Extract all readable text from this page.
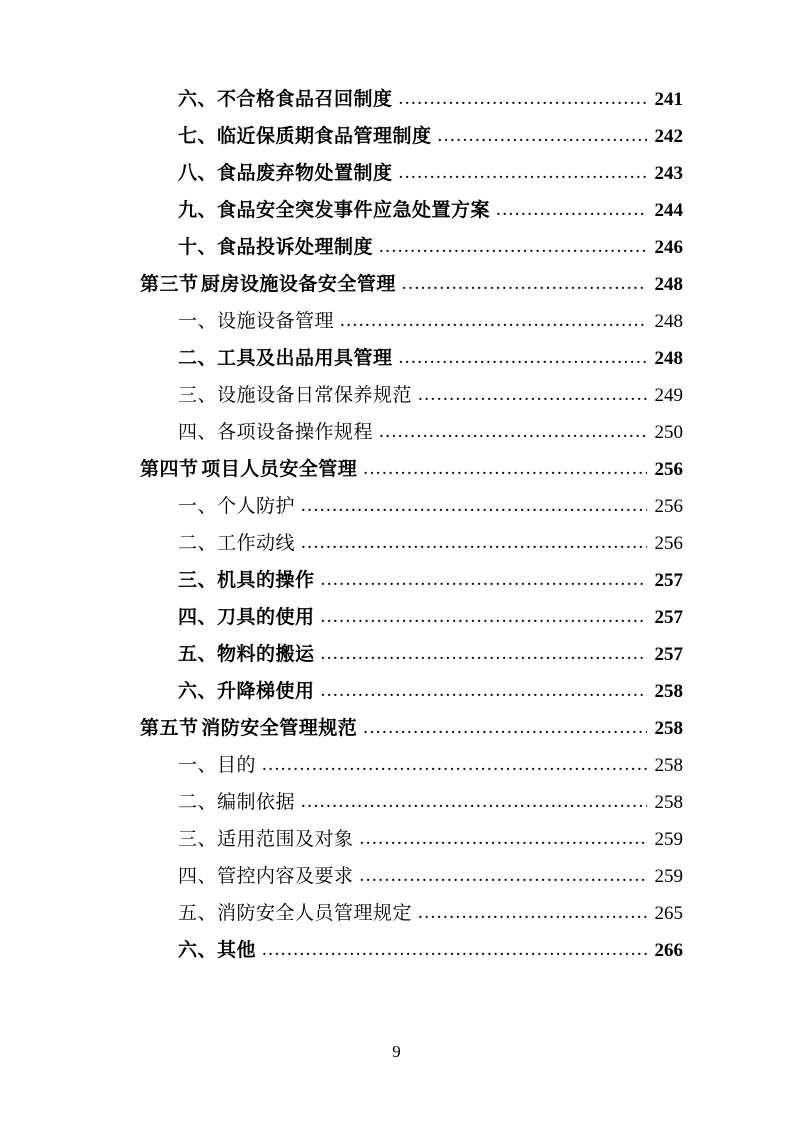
六、 不合格食品召回制度 .....	241
七、 临近保质期食品管理制度 .....	242
八、 食品废弃物处置制度 .....	243
九、 食品安全突发事件应急处置方案 .....	244
十、 食品投诉处理制度 .....	246
第三节 厨房设施设备安全管理 .....	248
一、 设施设备管理 .....	248
二、 工具及出品用具管理 .....	248
三、 设施设备日常保养规范 .....	249
四、 各项设备操作规程 .....	250
第四节 项目人员安全管理 .....	256
一、 个人防护 .....	256
二、 工作动线 .....	256
三、 机具的操作 .....	257
四、 刀具的使用 .....	257
五、 物料的搬运 .....	257
六、 升降梯使用 .....	258
第五节 消防安全管理规范 .....	258
一、 目的 .....	258
二、 编制依据 .....	258
三、 适用范围及对象 .....	259
四、 管控内容及要求 .....	259
五、 消防安全人员管理规定 .....	265
六、 其他 .....	266
9
